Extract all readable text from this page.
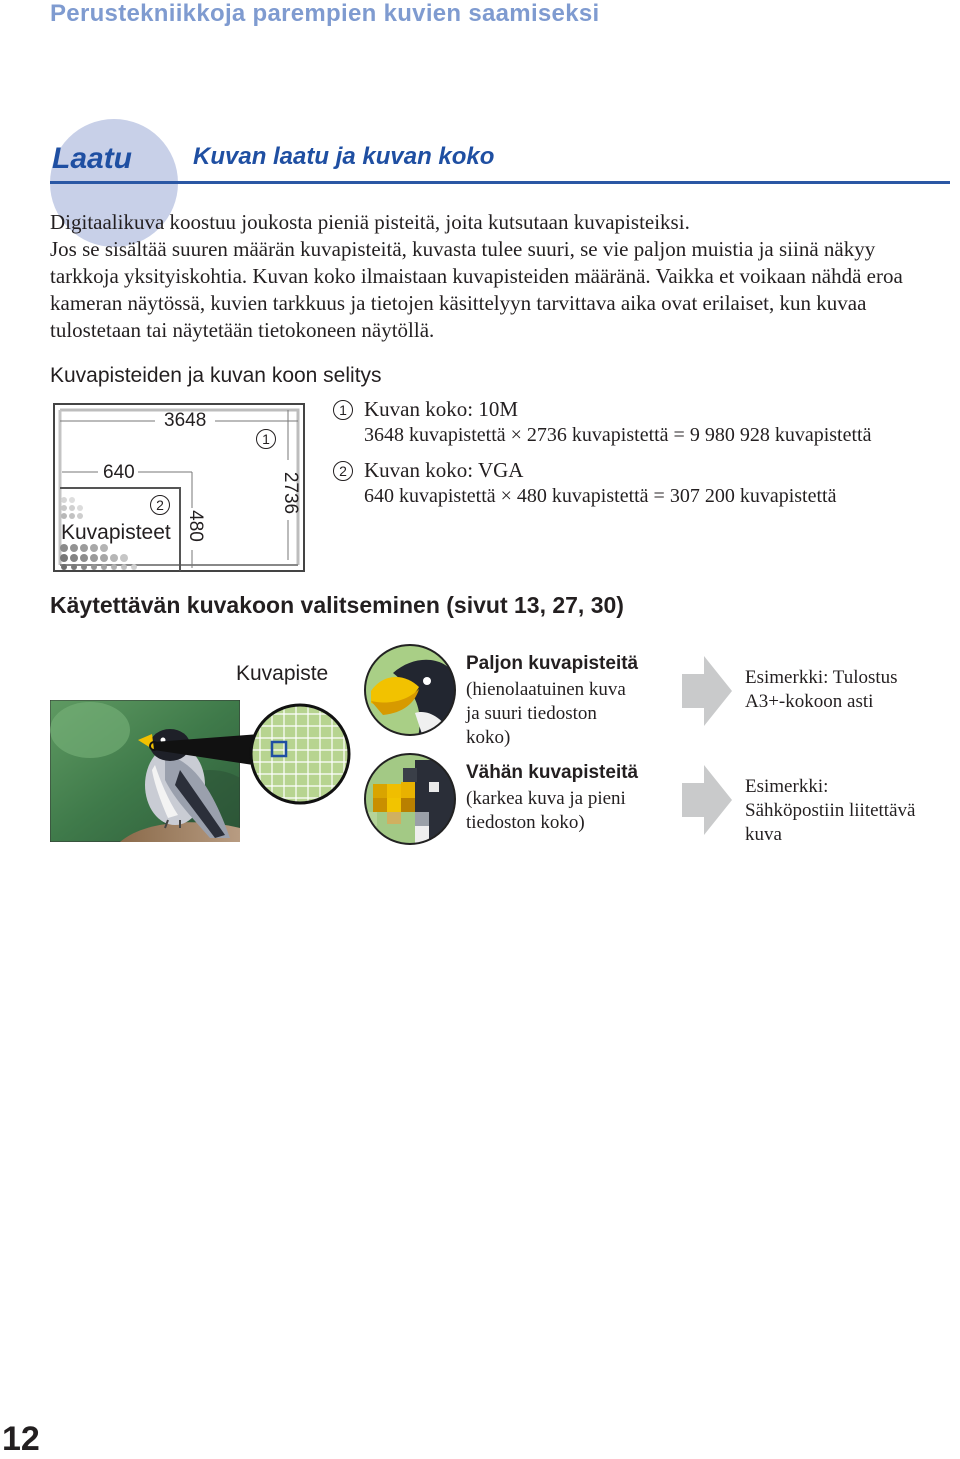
Perustekniikkoja parempien kuvien saamiseksi
Laatu	Kuvan laatu ja kuvan koko

Digitaalikuva koostuu joukosta pieniä pisteitä, joita kutsutaan kuvapisteiksi.

Jos se sisältää suuren määrän kuvapisteitä, kuvasta tulee suuri, se vie paljon muistia ja siinä näkyy tarkkoja yksityiskohtia. Kuvan koko ilmaistaan kuvapisteiden määränä. Vaikka et voikaan nähdä eroa kameran näytössä, kuvien tarkkuus ja tietojen käsittelyyn tarvittava aika ovat erilaiset, kun kuvaa tulostetaan tai näytetään tietokoneen näytöllä.

Kuvapisteiden ja kuvan koon selitys
3648
2736
640
480
Kuvapisteet
1
2
1 Kuvan koko: 10M
3648 kuvapistettä × 2736 kuvapistettä = 9 980 928 kuvapistettä
2 Kuvan koko: VGA
640 kuvapistettä × 480 kuvapistettä = 307 200 kuvapistettä
Käytettävän kuvakoon valitseminen (sivut 13, 27, 30)
Kuvapiste	Paljon kuvapisteitä
(hienolaatuinen kuva
ja suuri tiedoston
koko)
Vähän kuvapisteitä
(karkea kuva ja pieni
tiedoston koko)
Esimerkki: Tulostus
A3+-kokoon asti
Esimerkki:
Sähköpostiin liitettävä
kuva
12
